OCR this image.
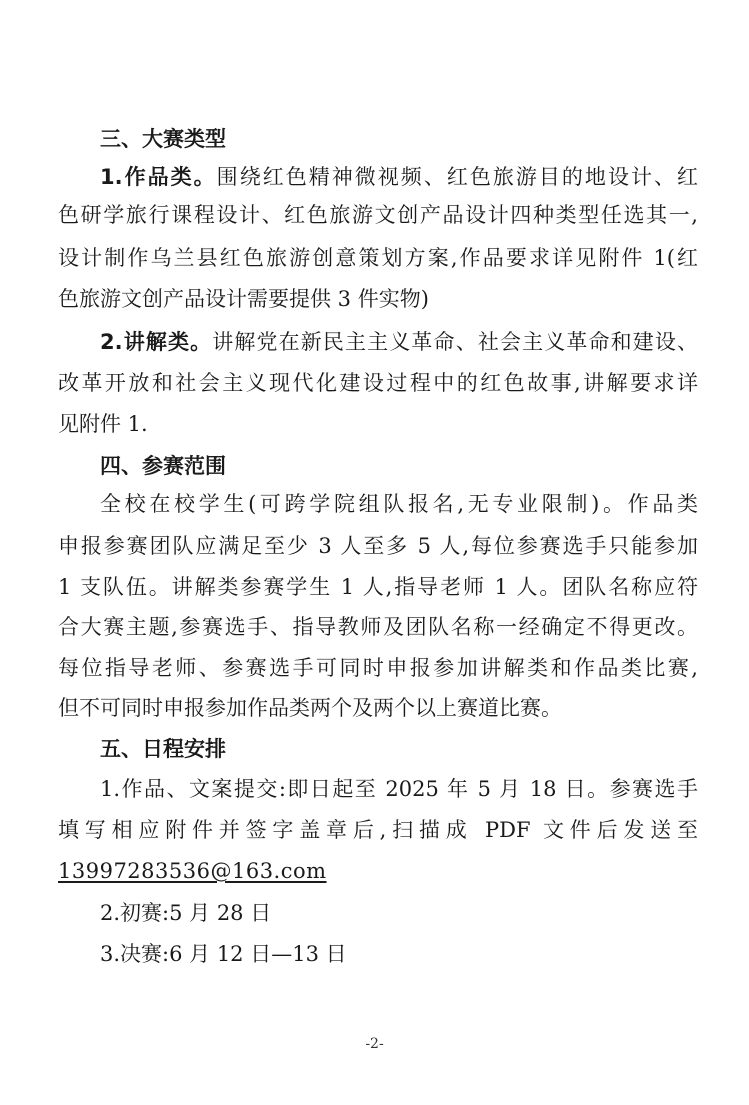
三、大赛类型
1.作品类。围绕红色精神微视频、红色旅游目的地设计、红
色研学旅行课程设计、红色旅游文创产品设计四种类型任选其一,
设计制作乌兰县红色旅游创意策划方案,作品要求详见附件 1(红
色旅游文创产品设计需要提供 3 件实物)
2.讲解类。讲解党在新民主主义革命、社会主义革命和建设、
改革开放和社会主义现代化建设过程中的红色故事,讲解要求详
见附件 1.
四、参赛范围
全校在校学生(可跨学院组队报名,无专业限制)。作品类
申报参赛团队应满足至少 3 人至多 5 人,每位参赛选手只能参加
1 支队伍。讲解类参赛学生 1 人,指导老师 1 人。团队名称应符
合大赛主题,参赛选手、指导教师及团队名称一经确定不得更改。
每位指导老师、参赛选手可同时申报参加讲解类和作品类比赛,
但不可同时申报参加作品类两个及两个以上赛道比赛。
五、日程安排
1.作品、文案提交:即日起至 2025 年 5 月 18 日。参赛选手
填写相应附件并签字盖章后,扫描成 PDF 文件后发送至
13997283536@163.com
2.初赛:5 月 28 日
3.决赛:6 月 12 日—13 日
-2-
